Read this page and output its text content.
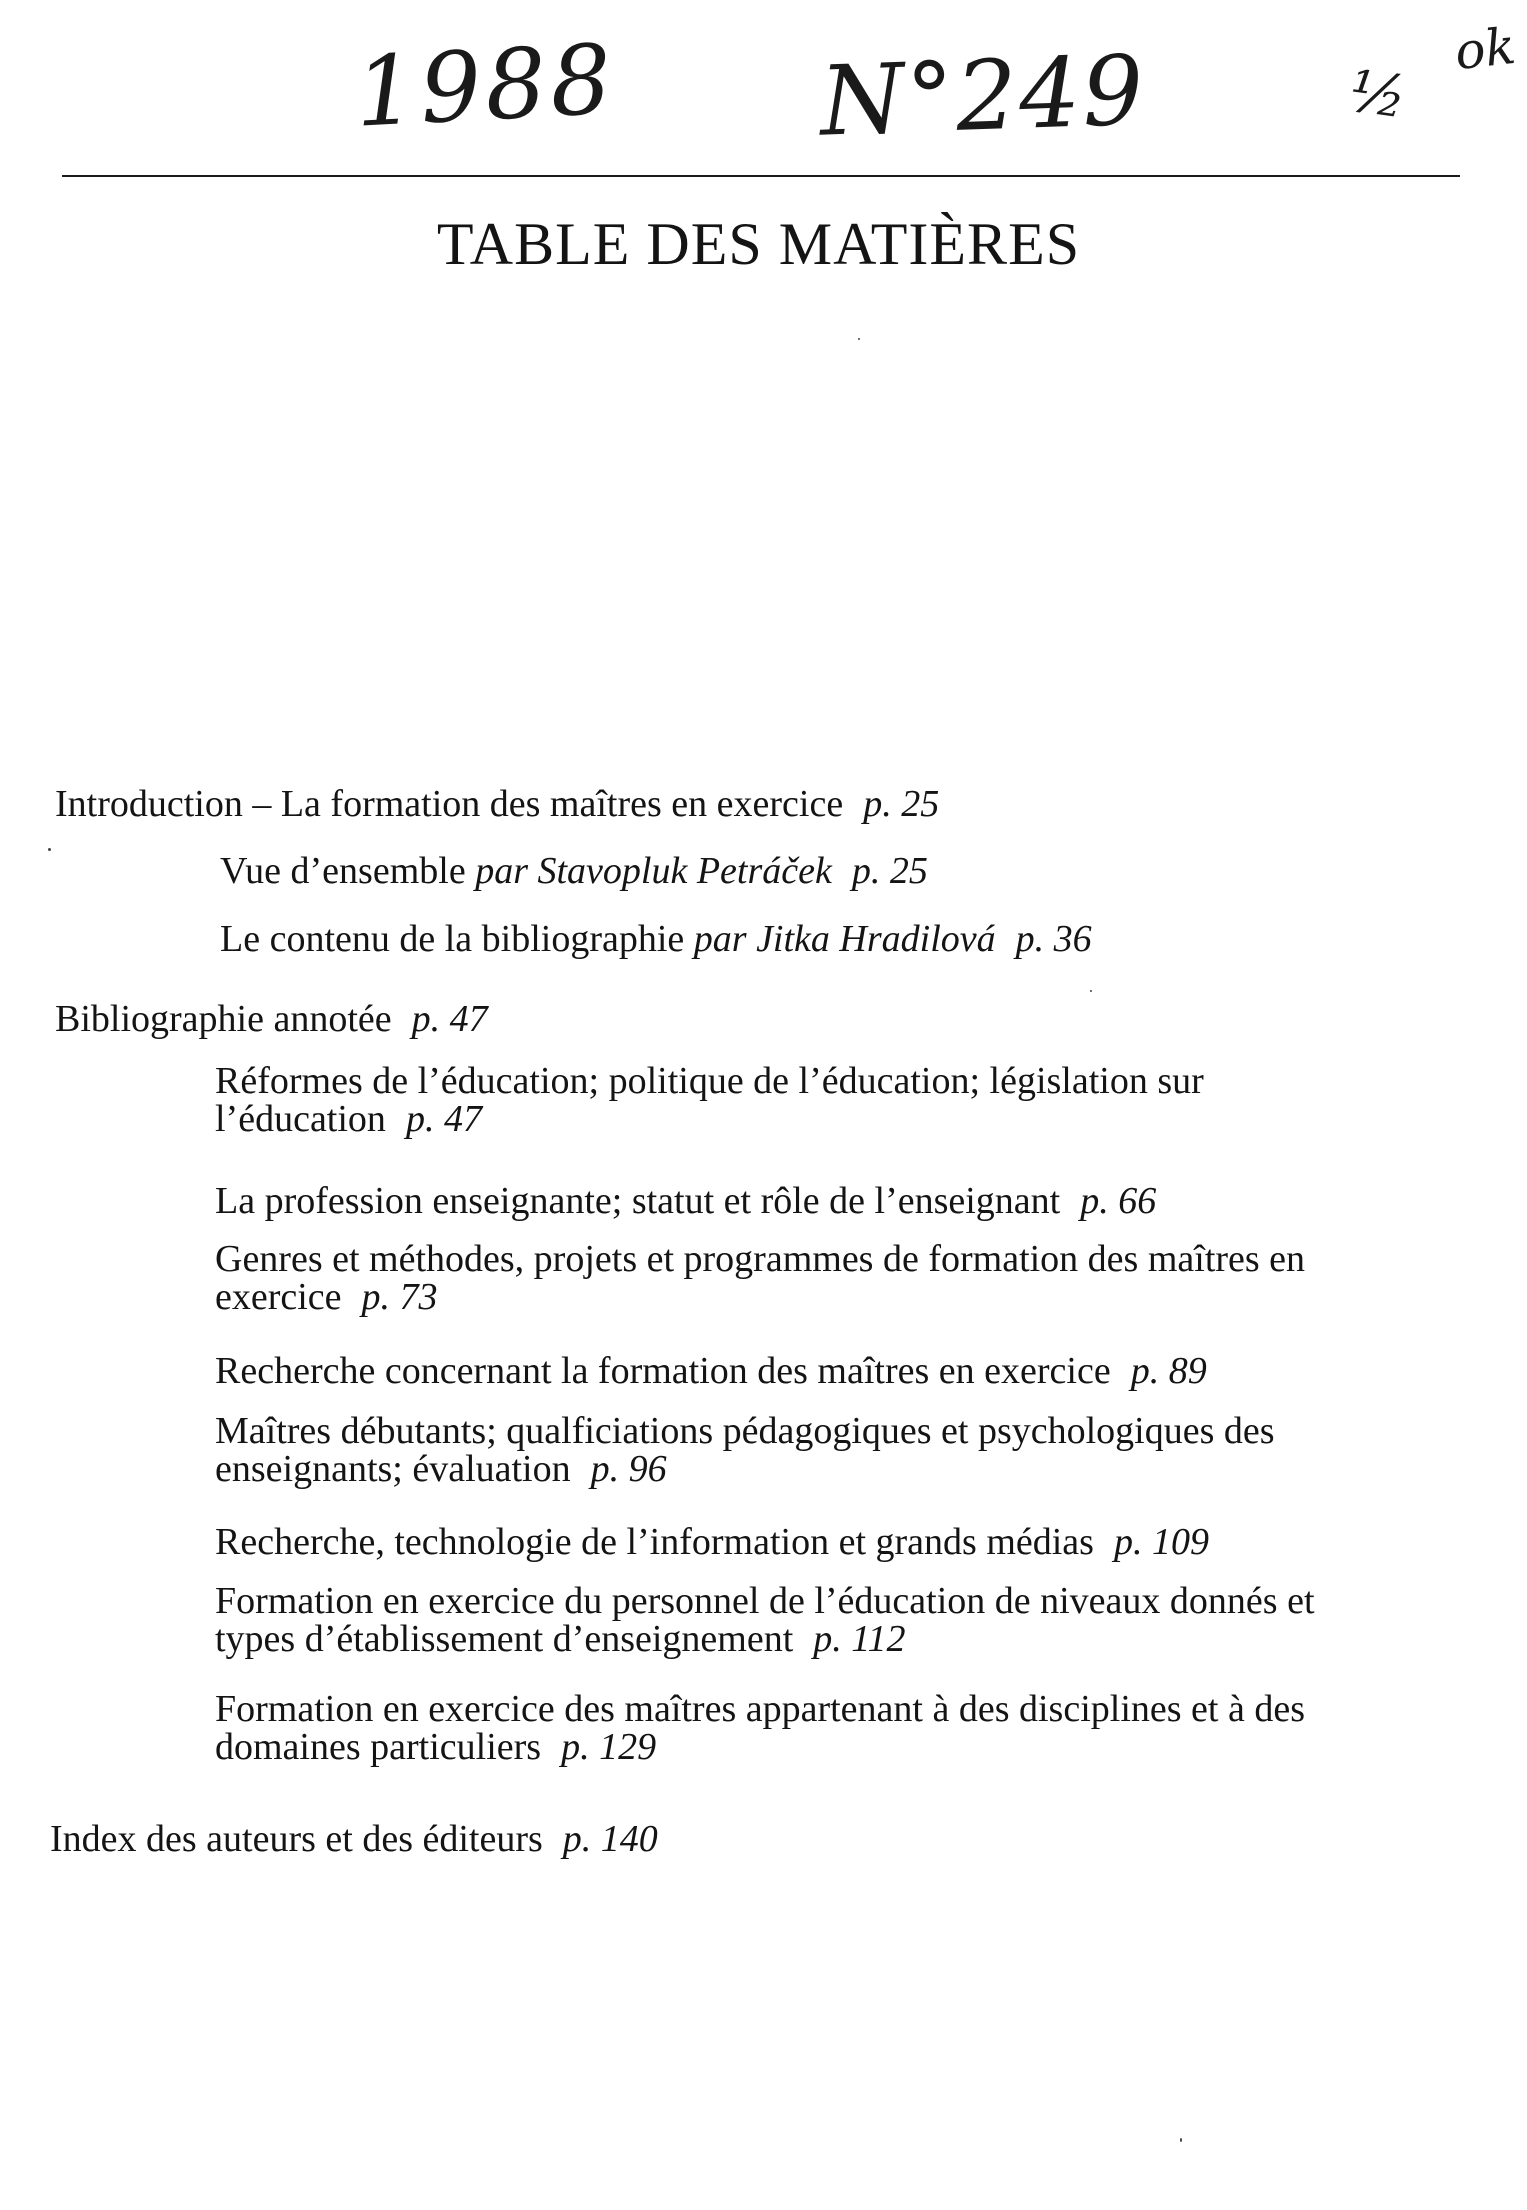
1988 N°249	½
ok
TABLE DES MATIÈRES
Introduction – La formation des maîtres en exercice p. 25
Vue d’ensemble par Stavopluk Petráček p. 25
Le contenu de la bibliographie par Jitka Hradilová p. 36
Bibliographie annotée p. 47
Réformes de l’éducation; politique de l’éducation; législation sur l’éducation p. 47
La profession enseignante; statut et rôle de l’enseignant p. 66
Genres et méthodes, projets et programmes de formation des maîtres en exercice p. 73
Recherche concernant la formation des maîtres en exercice p. 89
Maîtres débutants; qualficiations pédagogiques et psychologiques des enseignants; évaluation p. 96
Recherche, technologie de l’information et grands médias p. 109
Formation en exercice du personnel de l’éducation de niveaux donnés et types d’établissement d’enseignement p. 112
Formation en exercice des maîtres appartenant à des disciplines et à des domaines particuliers p. 129
Index des auteurs et des éditeurs p. 140
